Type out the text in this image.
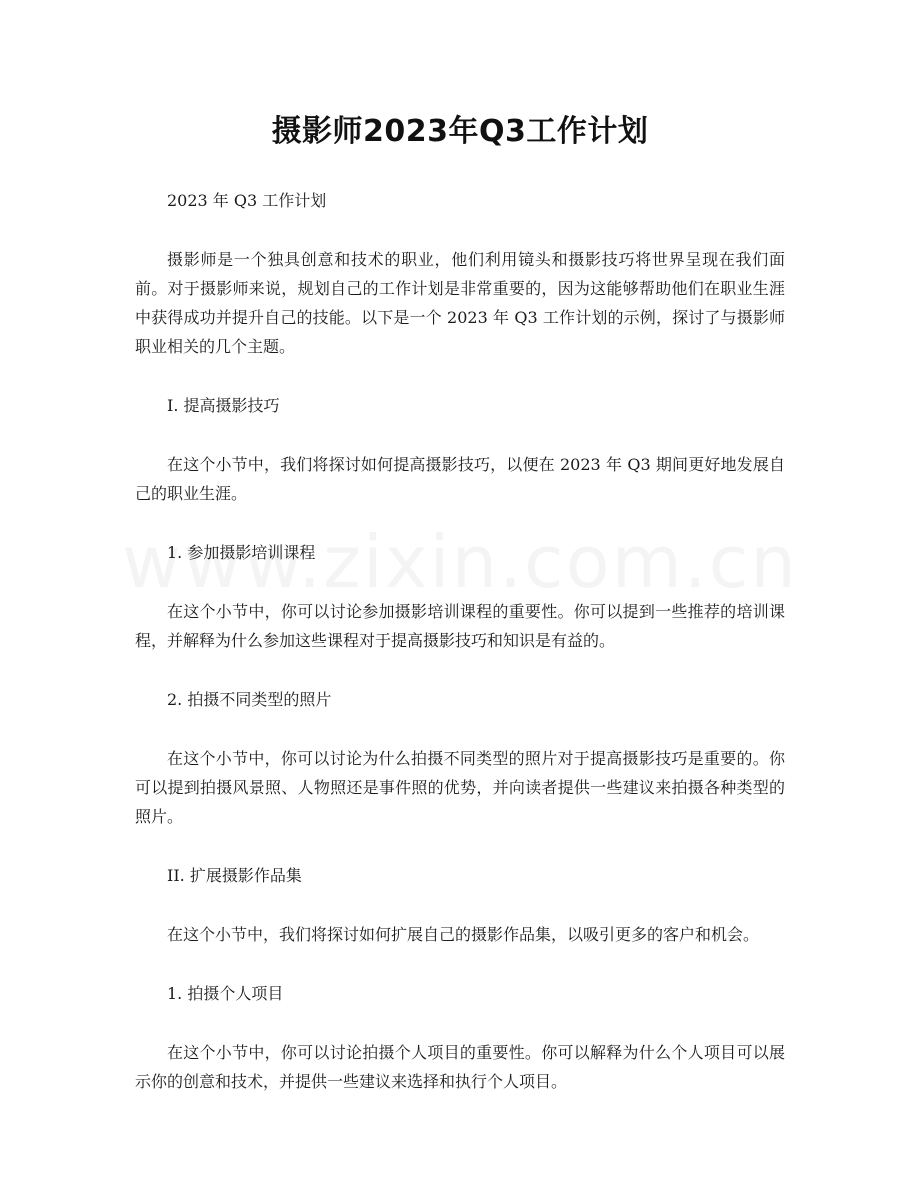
摄影师2023年Q3工作计划

2023 年 Q3 工作计划

摄影师是一个独具创意和技术的职业，他们利用镜头和摄影技巧将世界呈现在我们面前。对于摄影师来说，规划自己的工作计划是非常重要的，因为这能够帮助他们在职业生涯中获得成功并提升自己的技能。以下是一个 2023 年 Q3 工作计划的示例，探讨了与摄影师职业相关的几个主题。

I. 提高摄影技巧

在这个小节中，我们将探讨如何提高摄影技巧，以便在 2023 年 Q3 期间更好地发展自己的职业生涯。

1. 参加摄影培训课程

在这个小节中，你可以讨论参加摄影培训课程的重要性。你可以提到一些推荐的培训课程，并解释为什么参加这些课程对于提高摄影技巧和知识是有益的。

2. 拍摄不同类型的照片

在这个小节中，你可以讨论为什么拍摄不同类型的照片对于提高摄影技巧是重要的。你可以提到拍摄风景照、人物照还是事件照的优势，并向读者提供一些建议来拍摄各种类型的照片。

II. 扩展摄影作品集

在这个小节中，我们将探讨如何扩展自己的摄影作品集，以吸引更多的客户和机会。

1. 拍摄个人项目

在这个小节中，你可以讨论拍摄个人项目的重要性。你可以解释为什么个人项目可以展示你的创意和技术，并提供一些建议来选择和执行个人项目。
